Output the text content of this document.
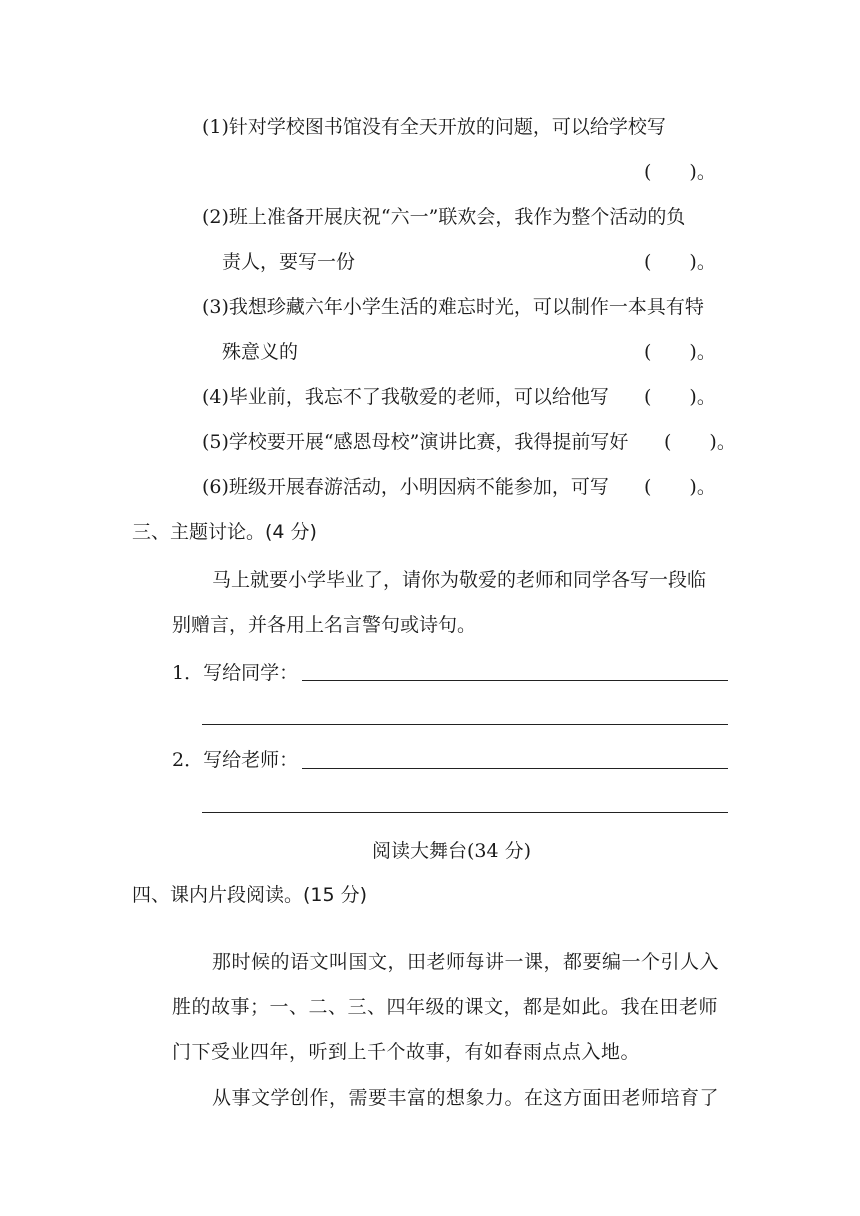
(1)针对学校图书馆没有全天开放的问题，可以给学校写

(　　)。

(2)班上准备开展庆祝“六一”联欢会，我作为整个活动的负

责人，要写一份	(　　)。

(3)我想珍藏六年小学生活的难忘时光，可以制作一本具有特

殊意义的	(　　)。

(4)毕业前，我忘不了我敬爱的老师，可以给他写 (　　)。

(5)学校要开展“感恩母校”演讲比赛，我得提前写好 (　　)。

(6)班级开展春游活动，小明因病不能参加，可写 (　　)。
三、主题讨论。(4 分)

马上就要小学毕业了，请你为敬爱的老师和同学各写一段临

别赠言，并各用上名言警句或诗句。

1．写给同学：

2．写给老师：

阅读大舞台(34 分)
四、课内片段阅读。(15 分)

那时候的语文叫国文，田老师每讲一课，都要编一个引人入

胜的故事；一、二、三、四年级的课文，都是如此。我在田老师

门下受业四年，听到上千个故事，有如春雨点点入地。

从事文学创作，需要丰富的想象力。在这方面田老师培育了
